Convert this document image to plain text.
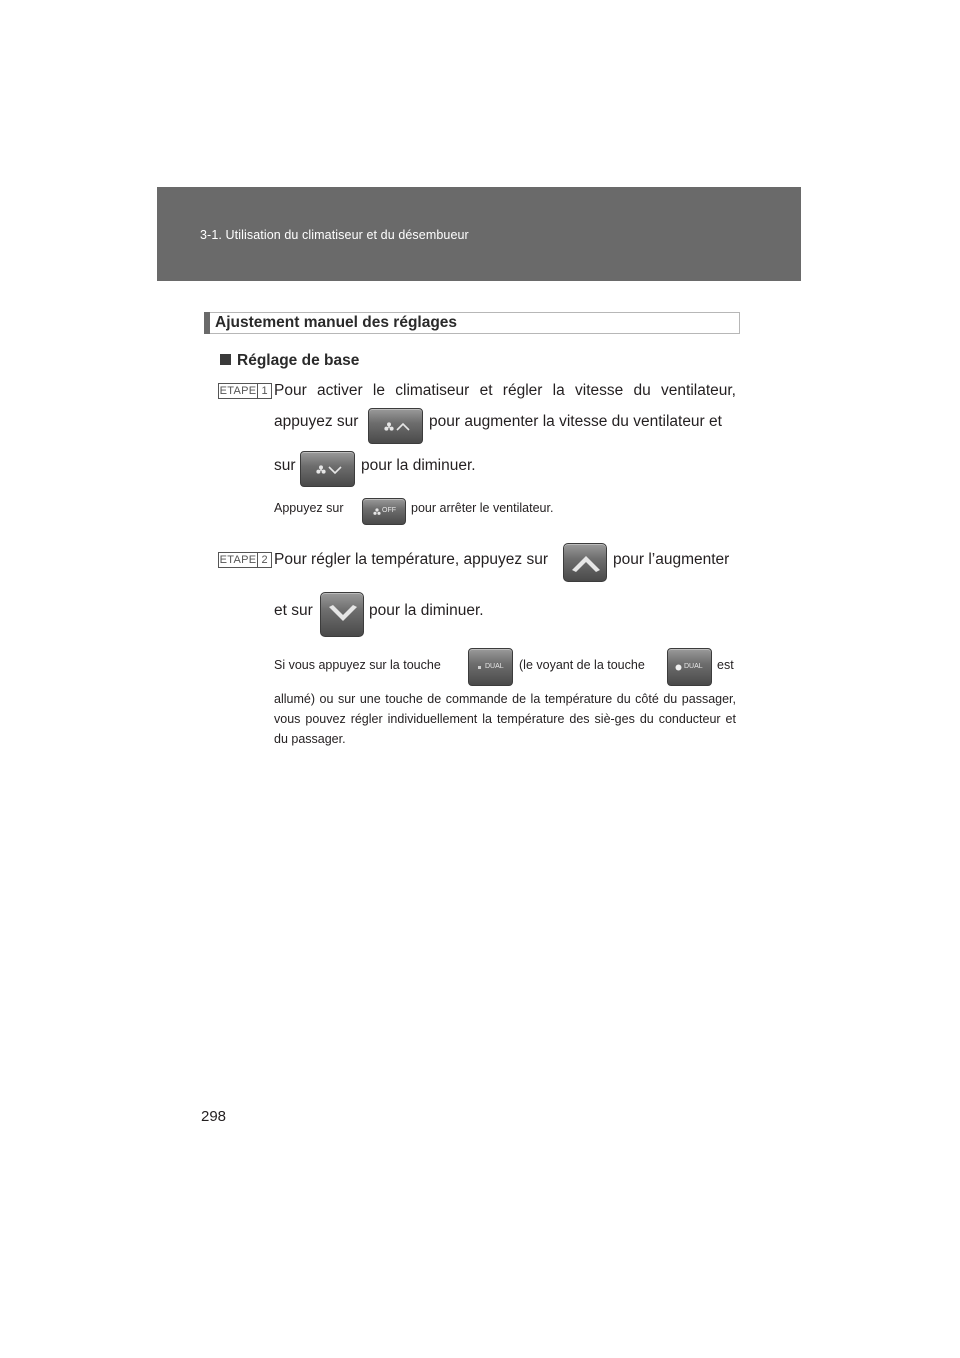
3-1. Utilisation du climatiseur et du désembueur
Ajustement manuel des réglages
Réglage de base
ETAPE 1 Pour activer le climatiseur et régler la vitesse du ventilateur,
appuyez sur	pour augmenter la vitesse du ventilateur et
sur	pour la diminuer.
Appuyez sur	OFF pour arrêter le ventilateur.
ETAPE 2 Pour régler la température, appuyez sur	pour l’augmenter
et sur	pour la diminuer.
Si vous appuyez sur la touche	DUAL (le voyant de la touche	DUAL est
allumé) ou sur une touche de commande de la température du côté du passager, vous pouvez régler individuellement la température des siè-ges du conducteur et du passager.
298
